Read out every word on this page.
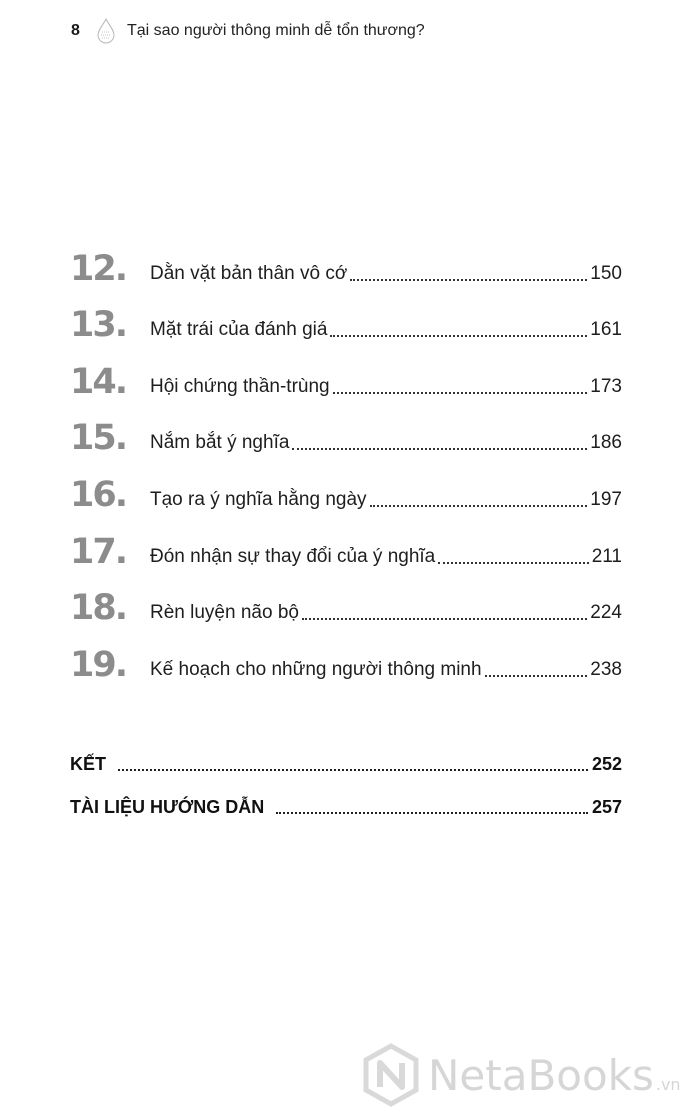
8	Tại sao người thông minh dễ tổn thương?
12.	Dằn vặt bản thân vô cớ	150
13.	Mặt trái của đánh giá	161
14.	Hội chứng thần-trùng	173
15.	Nắm bắt ý nghĩa	186
16.	Tạo ra ý nghĩa hằng ngày	197
17.	Đón nhận sự thay đổi của ý nghĩa	211
18.	Rèn luyện não bộ	224
19.	Kế hoạch cho những người thông minh	238
KẾT	252
TÀI LIỆU HƯỚNG DẪN	257
NetaBooks .vn
